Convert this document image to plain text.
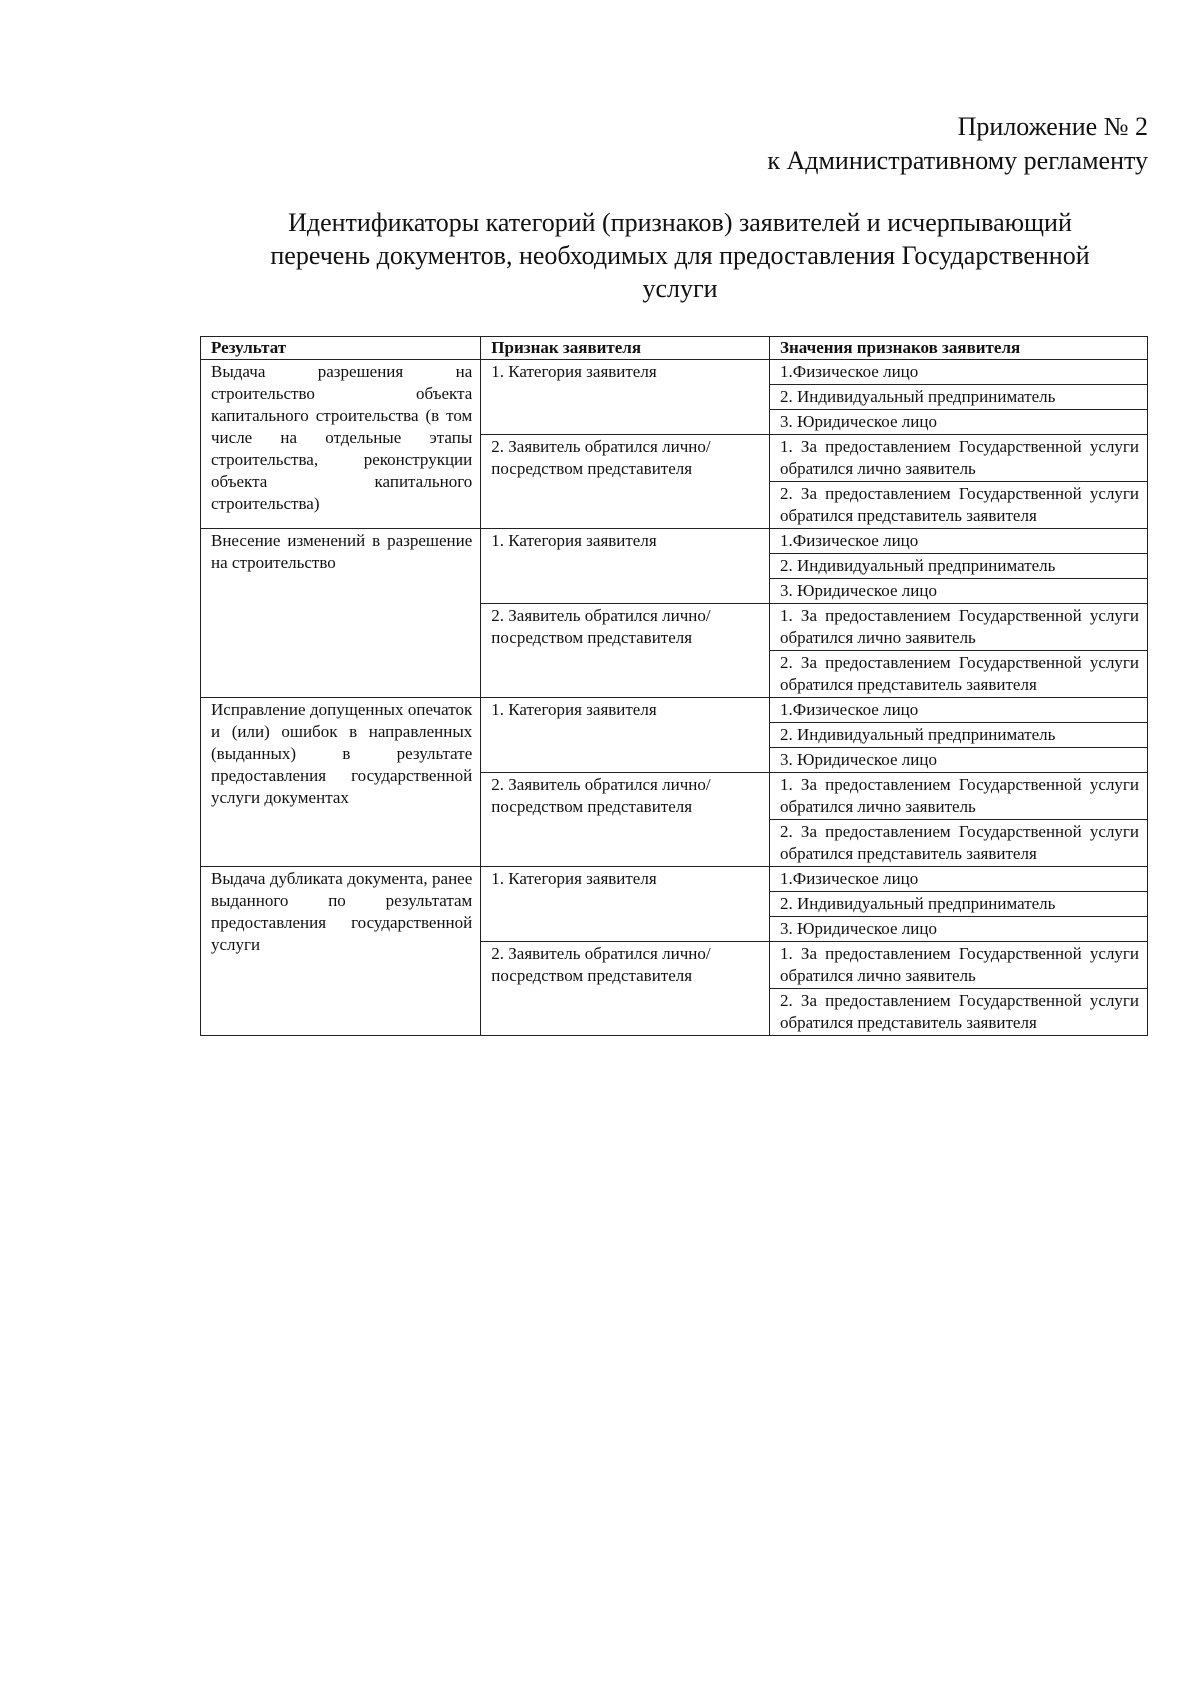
Приложение № 2
к Административному регламенту
Идентификаторы категорий (признаков) заявителей и исчерпывающий
перечень документов, необходимых для предоставления Государственной
услуги
Результат	Признак заявителя	Значения признаков заявителя
Выдача разрешения на строительство объекта капитального строительства (в том числе на отдельные этапы строительства, реконструкции объекта капитального строительства)	1. Категория заявителя	1.Физическое лицо
		2. Индивидуальный предприниматель
		3. Юридическое лицо
	2. Заявитель обратился лично/посредством представителя	1. За предоставлением Государственной услуги обратился лично заявитель
		2. За предоставлением Государственной услуги обратился представитель заявителя
Внесение изменений в разрешение на строительство	1. Категория заявителя	1.Физическое лицо
		2. Индивидуальный предприниматель
		3. Юридическое лицо
	2. Заявитель обратился лично/посредством представителя	1. За предоставлением Государственной услуги обратился лично заявитель
		2. За предоставлением Государственной услуги обратился представитель заявителя
Исправление допущенных опечаток и (или) ошибок в направленных (выданных) в результате предоставления государственной услуги документах	1. Категория заявителя	1.Физическое лицо
		2. Индивидуальный предприниматель
		3. Юридическое лицо
	2. Заявитель обратился лично/посредством представителя	1. За предоставлением Государственной услуги обратился лично заявитель
		2. За предоставлением Государственной услуги обратился представитель заявителя
Выдача дубликата документа, ранее выданного по результатам предоставления государственной услуги	1. Категория заявителя	1.Физическое лицо
		2. Индивидуальный предприниматель
		3. Юридическое лицо
	2. Заявитель обратился лично/посредством представителя	1. За предоставлением Государственной услуги обратился лично заявитель
		2. За предоставлением Государственной услуги обратился представитель заявителя
